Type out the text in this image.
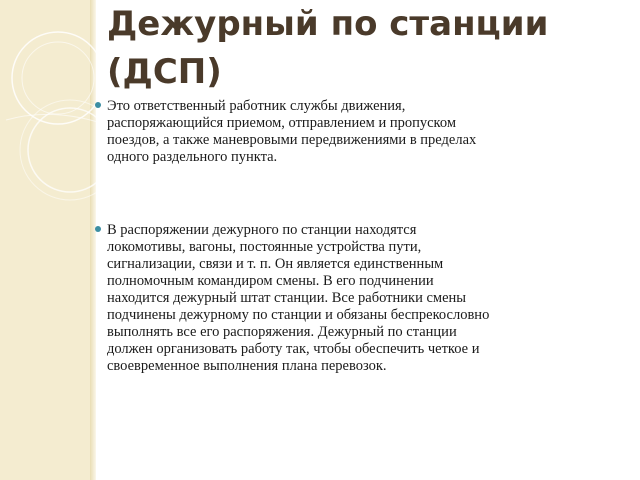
Дежурный по станции
(ДСП)

Это ответственный работник службы движения,
распоряжающийся приемом, отправлением и пропуском
поездов, а также маневровыми передвижениями в пределах
одного раздельного пункта.

В распоряжении дежурного по станции находятся
локомотивы, вагоны, постоянные устройства пути,
сигнализации, связи и т. п. Он является единственным
полномочным командиром смены. В его подчинении
находится дежурный штат станции. Все работники смены
подчинены дежурному по станции и обязаны беспрекословно
выполнять все его распоряжения. Дежурный по станции
должен организовать работу так, чтобы обеспечить четкое и
своевременное выполнения плана перевозок.
